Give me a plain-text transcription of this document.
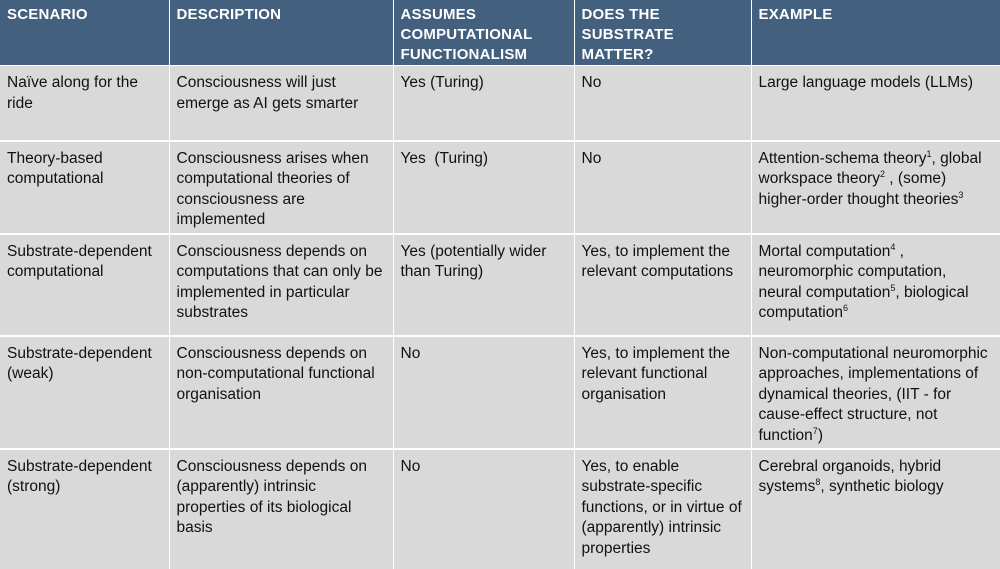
SCENARIO	DESCRIPTION	ASSUMES COMPUTATIONAL FUNCTIONALISM	DOES THE SUBSTRATE MATTER?	EXAMPLE
Naïve along for the ride	Consciousness will just emerge as AI gets smarter	Yes (Turing)	No	Large language models (LLMs)
Theory-based computational	Consciousness arises when computational theories of consciousness are implemented	Yes  (Turing)	No	Attention-schema theory$^1$, global workspace theory$^2$ , (some) higher-order thought theories$^3$
Substrate-dependent computational	Consciousness depends on computations that can only be implemented in particular substrates	Yes (potentially wider than Turing)	Yes, to implement the relevant computations	Mortal computation$^4$ , neuromorphic computation, neural computation$^5$, biological computation$^6$
Substrate-dependent (weak)	Consciousness depends on non-computational functional organisation	No	Yes, to implement the relevant functional organisation	Non-computational neuromorphic approaches, implementations of dynamical theories, (IIT - for cause-effect structure, not function$^7$)
Substrate-dependent (strong)	Consciousness depends on (apparently) intrinsic properties of its biological basis	No	Yes, to enable substrate-specific functions, or in virtue of (apparently) intrinsic properties	Cerebral organoids, hybrid systems$^8$, synthetic biology
